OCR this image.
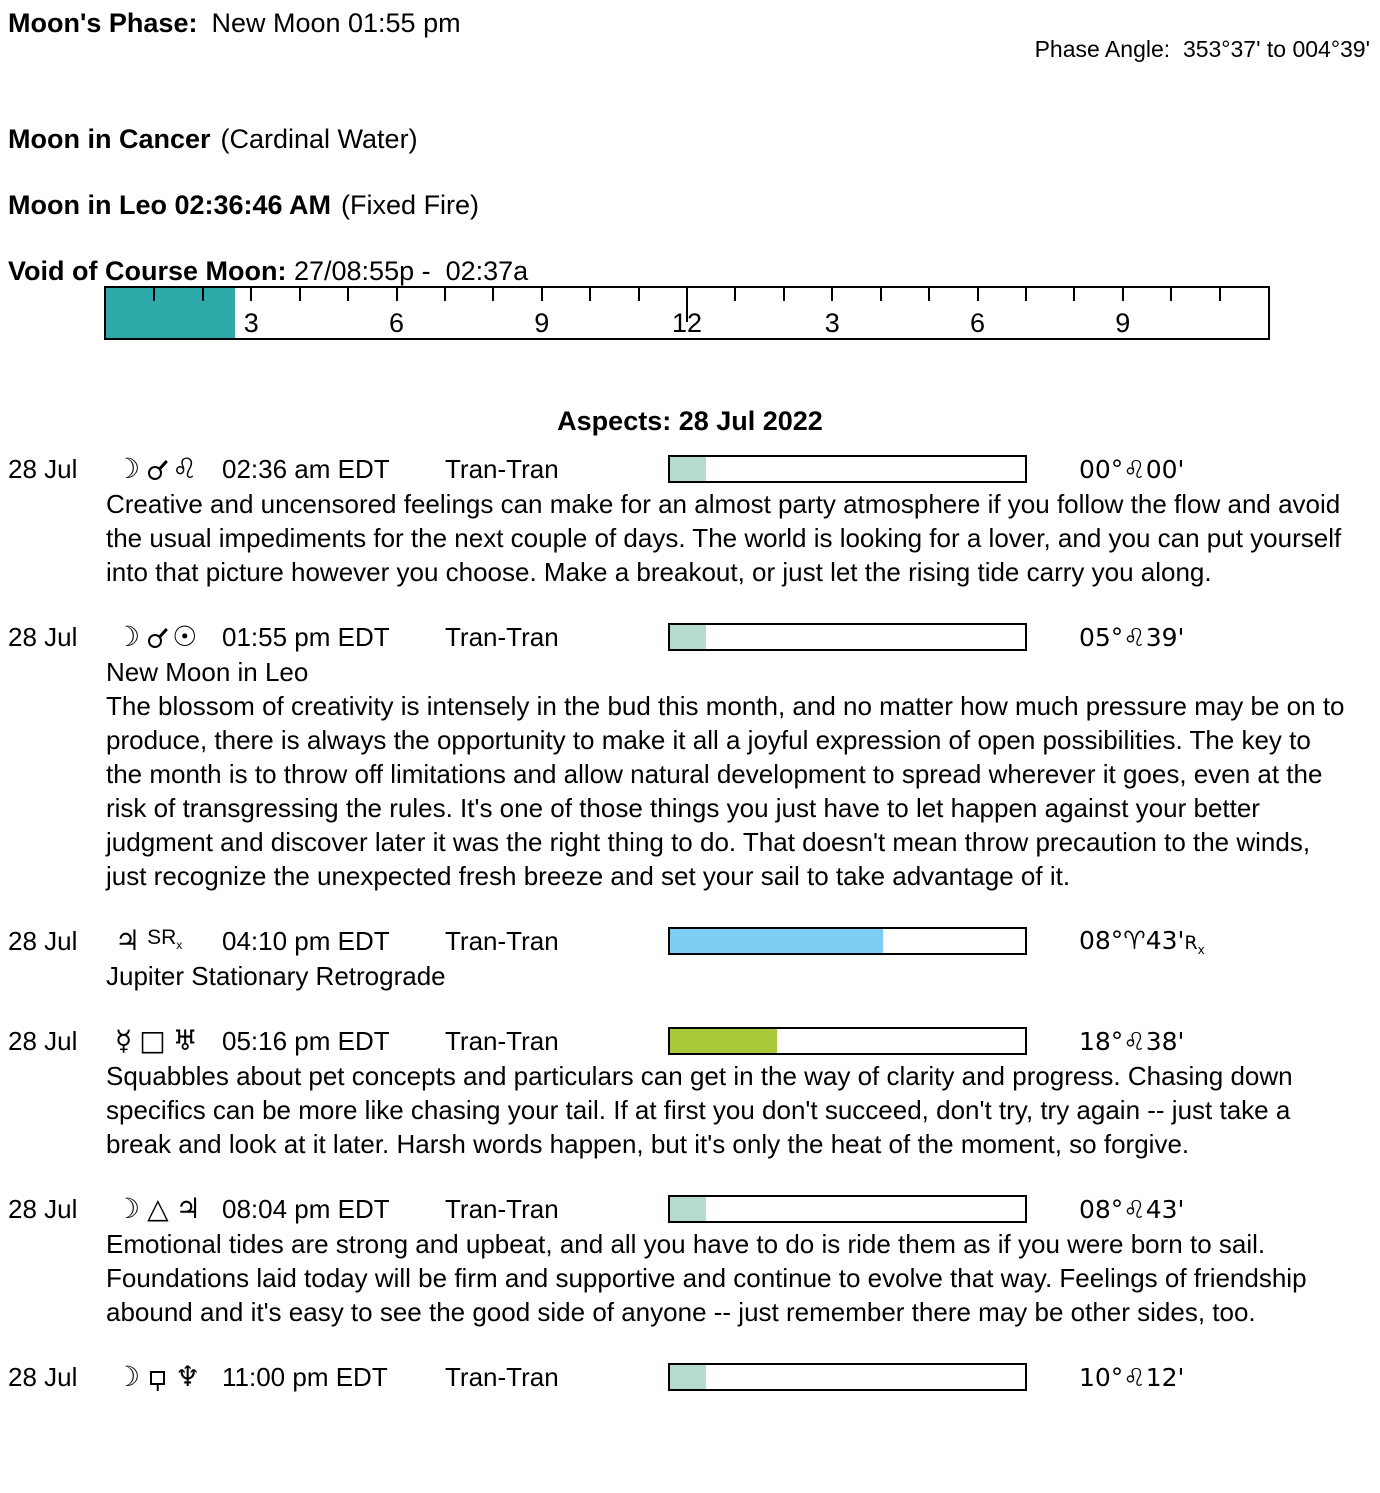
Moon's Phase: New Moon 01:55 pm

Phase Angle: 353°37' to 004°39'

Moon in Cancer (Cardinal Water)
Moon in Leo 02:36:46 AM (Fixed Fire)
Void of Course Moon: 27/08:55p -  02:37a
3	6	9	12	3	6	9
Aspects: 28 Jul 2022
28 Jul	☽ ♌ 02:36 am EDT	Tran-Tran	00°♌00'
Creative and uncensored feelings can make for an almost party atmosphere if you follow the flow and avoid the usual impediments for the next couple of days. The world is looking for a lover, and you can put yourself into that picture however you choose. Make a breakout, or just let the rising tide carry you along.
28 Jul	☽ ☉ 01:55 pm EDT	Tran-Tran	05°♌39'
New Moon in Leo
The blossom of creativity is intensely in the bud this month, and no matter how much pressure may be on to produce, there is always the opportunity to make it all a joyful expression of open possibilities. The key to the month is to throw off limitations and allow natural development to spread wherever it goes, even at the risk of transgressing the rules. It's one of those things you just have to let happen against your better judgment and discover later it was the right thing to do. That doesn't mean throw precaution to the winds, just recognize the unexpected fresh breeze and set your sail to take advantage of it.
28 Jul	♃ $SR_x$ 04:10 pm EDT	Tran-Tran	$08^\circ♈43'R_x$
Jupiter Stationary Retrograde
28 Jul	☿ □ ♅ 05:16 pm EDT	Tran-Tran	18°♌38'
Squabbles about pet concepts and particulars can get in the way of clarity and progress. Chasing down specifics can be more like chasing your tail. If at first you don't succeed, don't try, try again -- just take a break and look at it later. Harsh words happen, but it's only the heat of the moment, so forgive.
28 Jul	☽ △ ♃ 08:04 pm EDT	Tran-Tran	08°♌43'
Emotional tides are strong and upbeat, and all you have to do is ride them as if you were born to sail. Foundations laid today will be firm and supportive and continue to evolve that way. Feelings of friendship abound and it's easy to see the good side of anyone -- just remember there may be other sides, too.
28 Jul	☽ ♆ 11:00 pm EDT	Tran-Tran	10°♌12'
